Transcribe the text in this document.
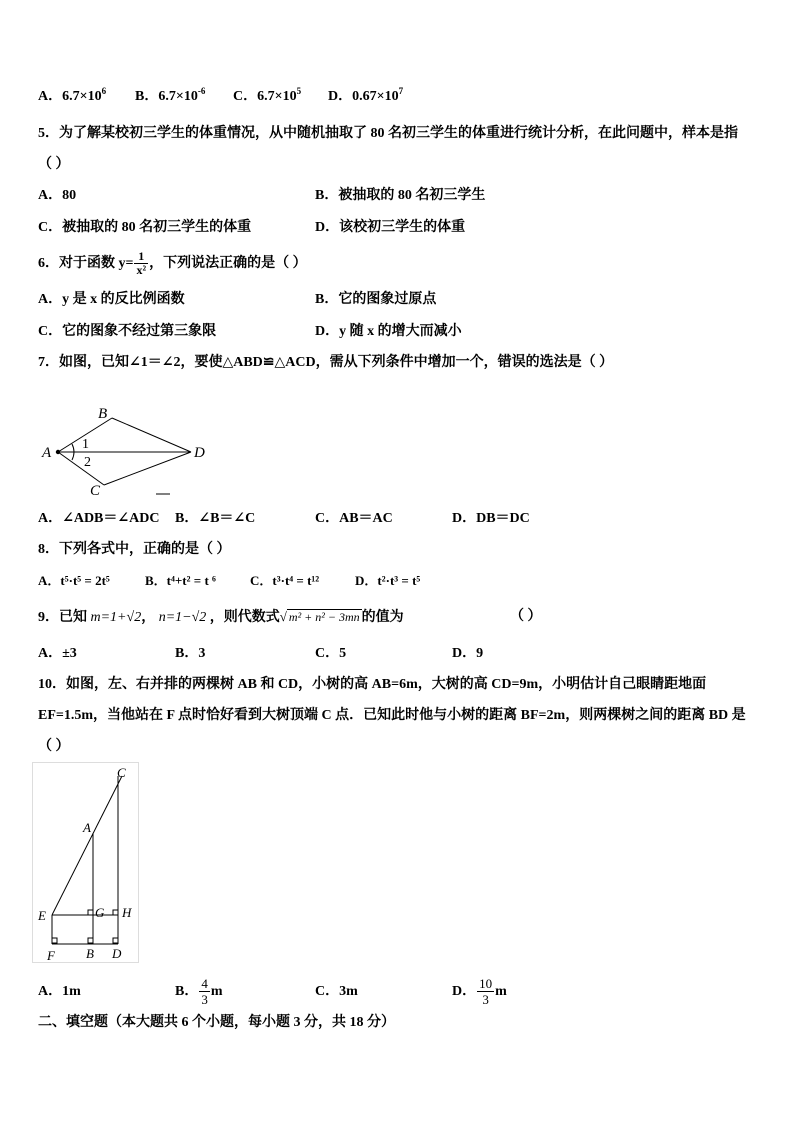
A．$6.7\times 10^6$ B．$6.7\times 10^{-6}$ C．$6.7\times 10^5$ D．$0.67\times 10^7$
5．为了解某校初三学生的体重情况，从中随机抽取了 80 名初三学生的体重进行统计分析，在此问题中，样本是指
（ ）
A．80	B．被抽取的 80 名初三学生
C．被抽取的 80 名初三学生的体重	D．该校初三学生的体重
6．对于函数 $y= \frac{1}{\text{x²}}$ ，下列说法正确的是（ ）
A．y 是 x 的反比例函数	B．它的图象过原点
C．它的图象不经过第三象限	D．y 随 x 的增大而减小
7．如图，已知∠1＝∠2，要使△ABD≌△ACD，需从下列条件中增加一个，错误的选法是（ ）
A
B
C
D
1
2
A．∠ADB＝∠ADC B．∠B＝∠C	C．AB＝AC	D．DB＝DC
8．下列各式中，正确的是（ ）
A．t⁵·t⁵ = 2t⁵	B．t⁴+t² = t ⁶	C．t³·t⁴ = t¹²	D．t²·t³ = t⁵
9．已知 m=1+√2， n=1−√2 ，则代数式√ m² + n² − 3mn 的值为	（ ）
A．±3	B．3	C．5	D．9
10．如图，左、右并排的两棵树 AB 和 CD，小树的高 AB=6m，大树的高 CD=9m，小明估计自己眼睛距地面
EF=1.5m，当他站在 F 点时恰好看到大树顶端 C 点．已知此时他与小树的距离 BF=2m，则两棵树之间的距离 BD 是
（ ）
A
B
C
D
E
F
G H
A．1m	B． $\frac{4}{3}$ m	C．3m	D． $\frac{10}{3}$ m
二、填空题（本大题共 6 个小题，每小题 3 分，共 18 分）
